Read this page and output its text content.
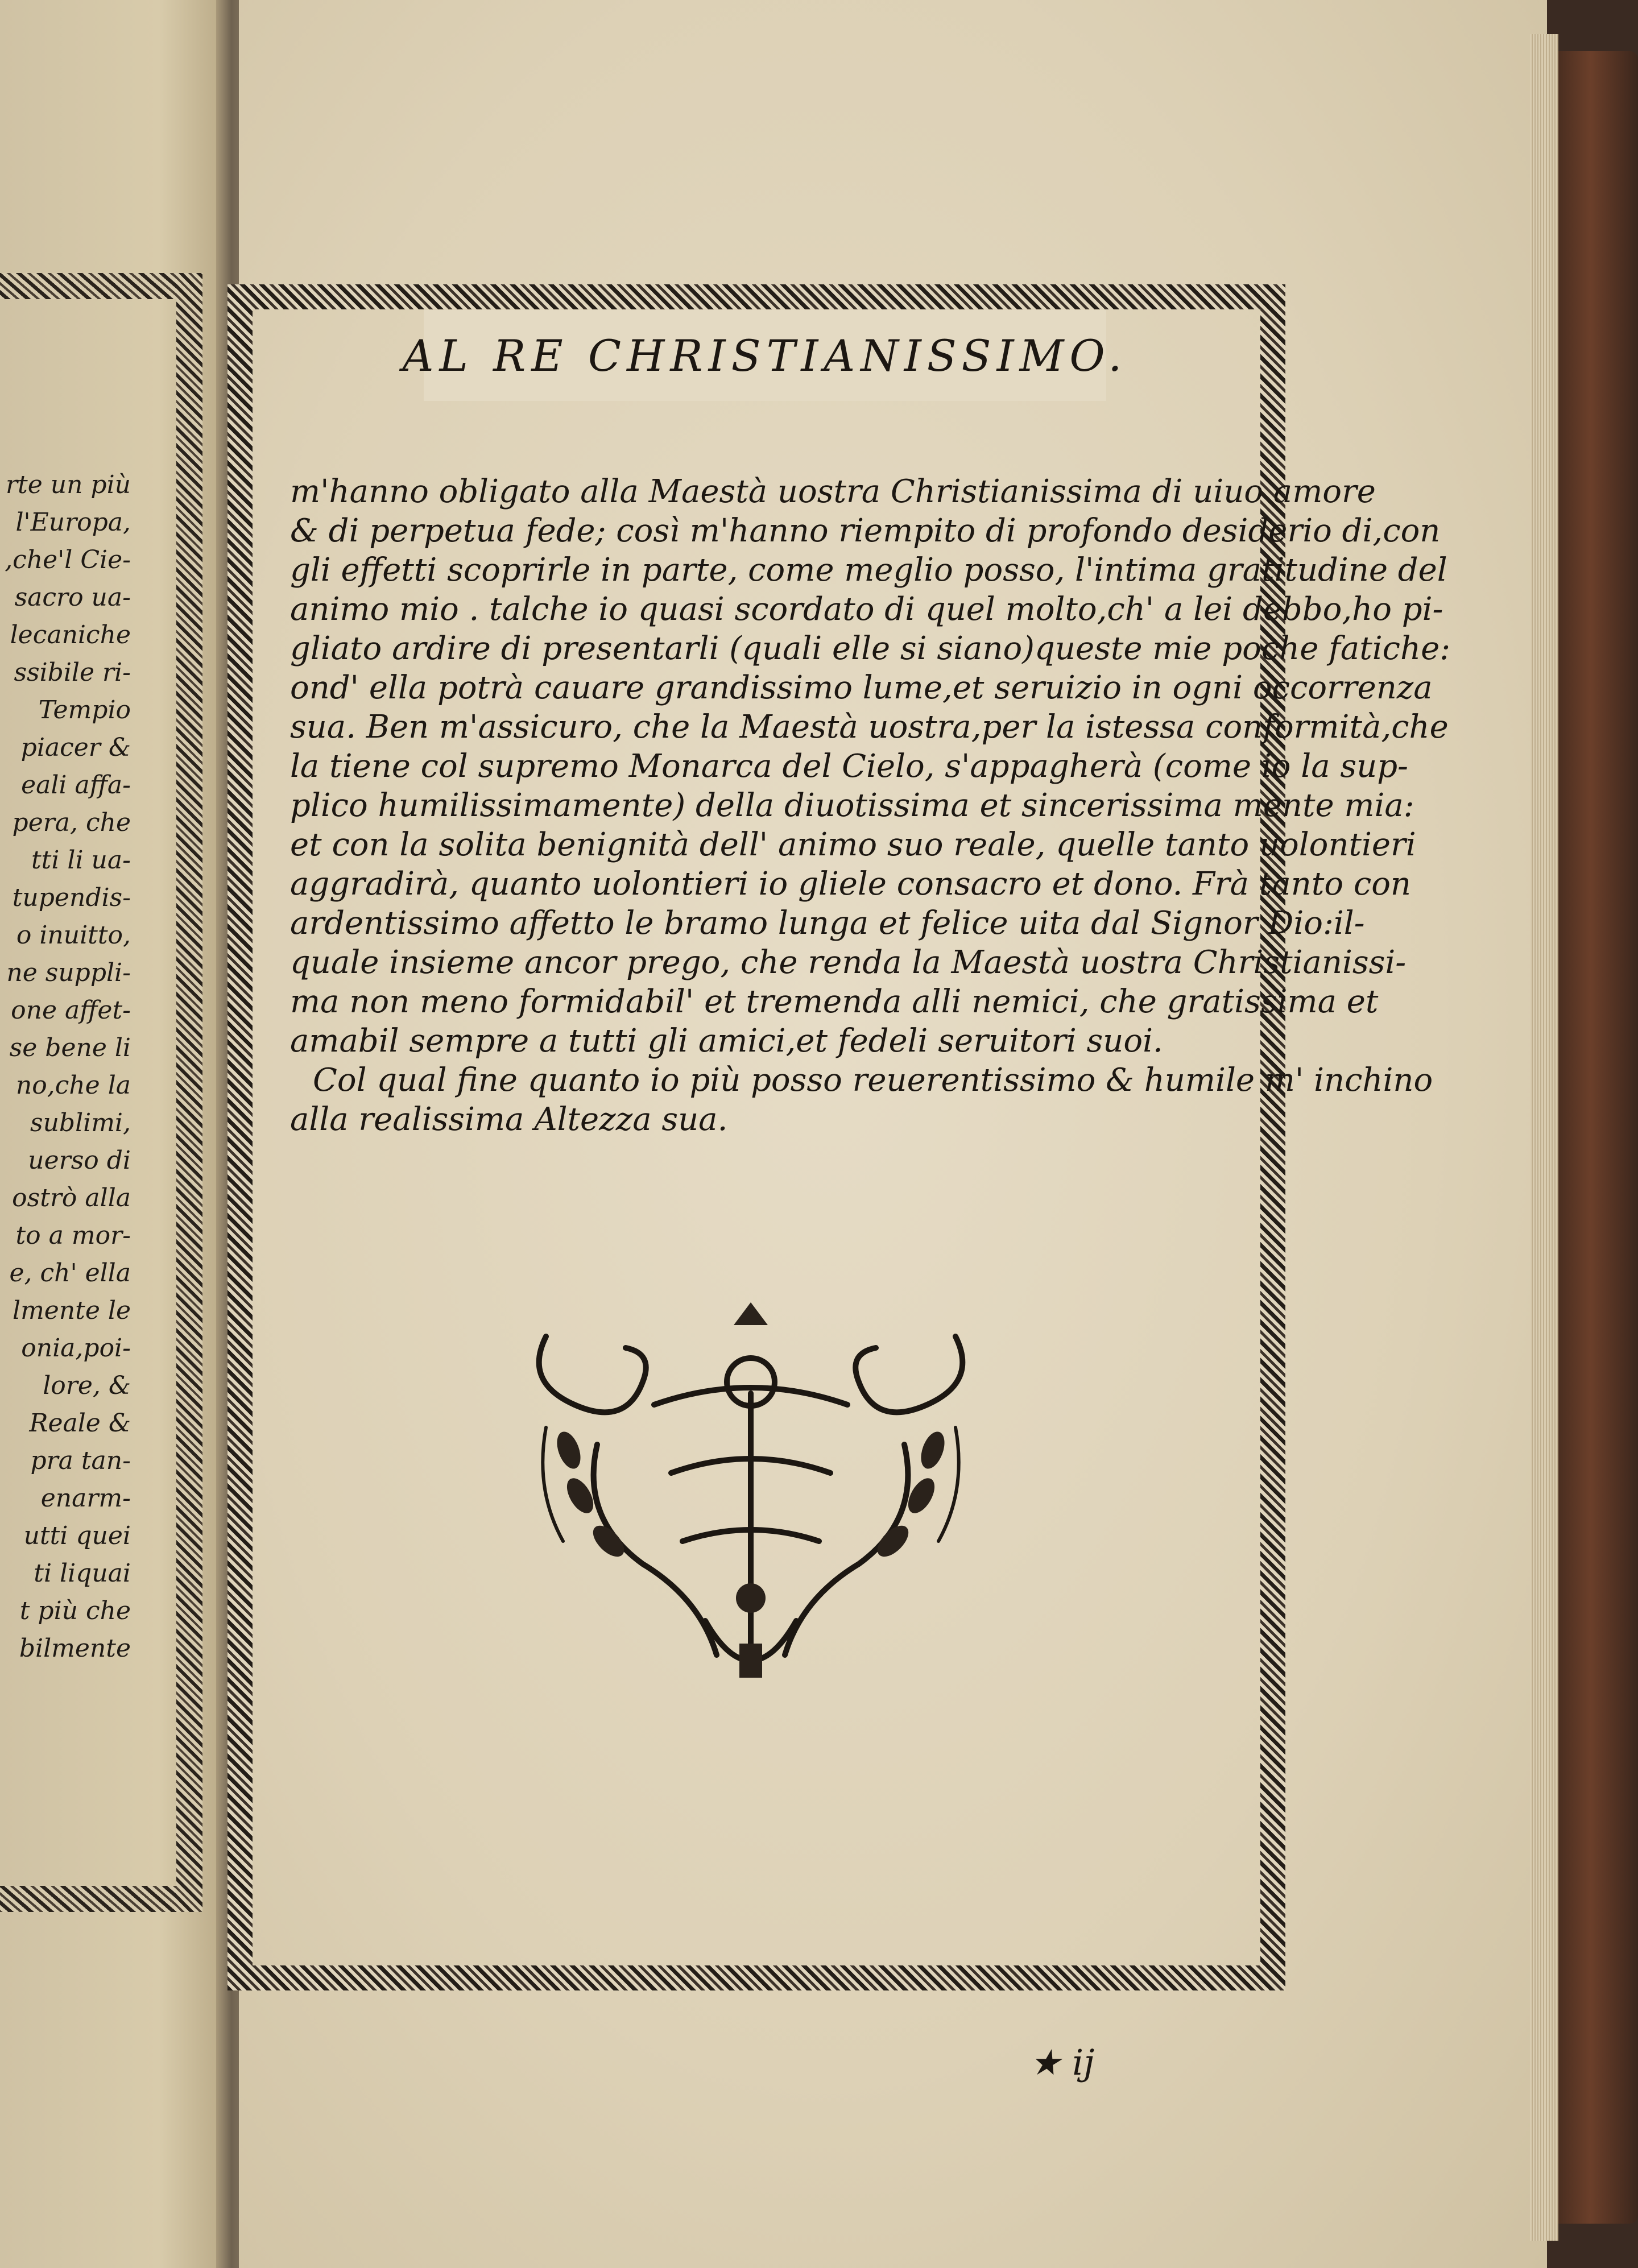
rte un più
l'Europa,
,che'l Cie-
sacro ua-
lecaniche
ssibile ri-
Tempio
piacer &
eali affa-
pera, che
tti li ua-
tupendis-
o inuitto,
ne suppli-
one affet-
se bene li
no,che la
sublimi,
uerso di
ostrò alla
to a mor-
e, ch' ella
lmente le
onia,poi-
lore, &
Reale &
pra tan-
enarm-
utti quei
ti liquai
t più che
bilmente
AL RE CHRISTIANISSIMO.
m'hanno obligato alla Maestà uostra Christianissima di uiuo amore
& di perpetua fede; così m'hanno riempito di profondo desiderio di,con
gli effetti scoprirle in parte, come meglio posso, l'intima gratitudine del
animo mio . talche io quasi scordato di quel molto,ch' a lei debbo,ho pi-
gliato ardire di presentarli (quali elle si siano)queste mie poche fatiche:
ond' ella potrà cauare grandissimo lume,et seruizio in ogni occorrenza
sua. Ben m'assicuro, che la Maestà uostra,per la istessa conformità,che
la tiene col supremo Monarca del Cielo, s'appagherà (come io la sup-
plico humilissimamente) della diuotissima et sincerissima mente mia:
et con la solita benignità dell' animo suo reale, quelle tanto uolontieri
aggradirà, quanto uolontieri io gliele consacro et dono. Frà tanto con
ardentissimo affetto le bramo lunga et felice uita dal Signor Dio:il-
quale insieme ancor prego, che renda la Maestà uostra Christianissi-
ma non meno formidabil' et tremenda alli nemici, che gratissima et
amabil sempre a tutti gli amici,et fedeli seruitori suoi.
Col qual fine quanto io più posso reuerentissimo & humile m' inchino
alla realissima Altezza sua.
★ ij
